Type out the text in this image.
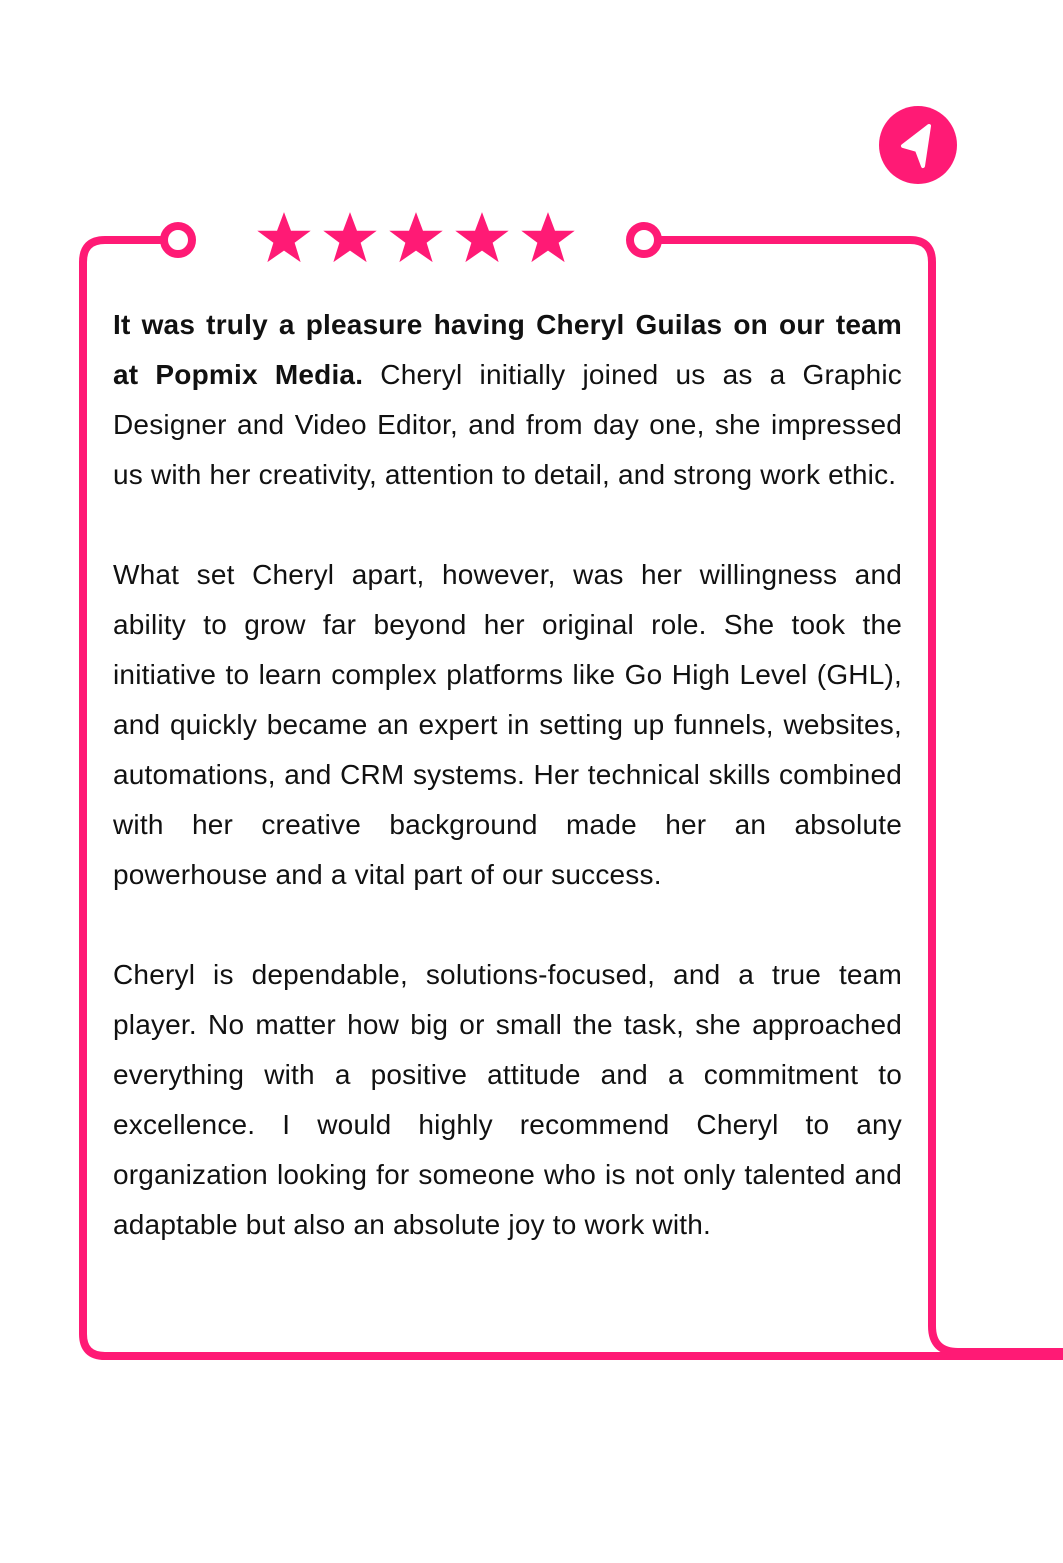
It was truly a pleasure having Cheryl Guilas on our team at Popmix Media. Cheryl initially joined us as a Graphic Designer and Video Editor, and from day one, she impressed us with her creativity, attention to detail, and strong work ethic.

What set Cheryl apart, however, was her willingness and ability to grow far beyond her original role. She took the initiative to learn complex platforms like Go High Level (GHL), and quickly became an expert in setting up funnels, websites, automations, and CRM systems. Her technical skills combined with her creative background made her an absolute powerhouse and a vital part of our success.

Cheryl is dependable, solutions-focused, and a true team player. No matter how big or small the task, she approached everything with a positive attitude and a commitment to excellence. I would highly recommend Cheryl to any organization looking for someone who is not only talented and adaptable but also an absolute joy to work with.
